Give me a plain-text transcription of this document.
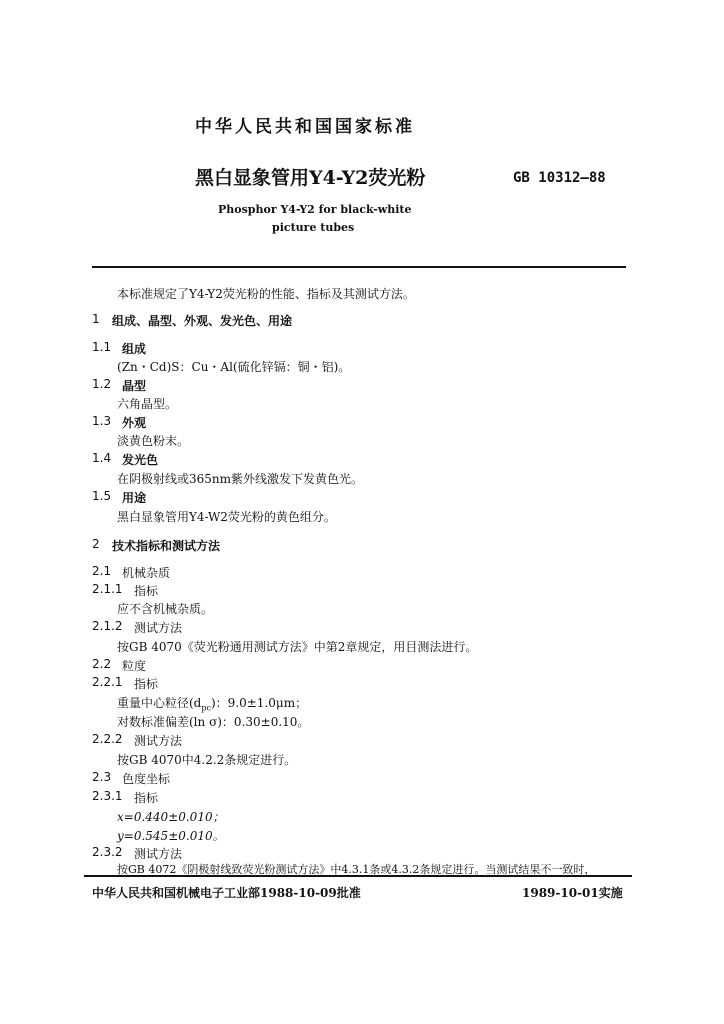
中华人民共和国国家标准
黑白显象管用Y4-Y2荧光粉	GB 10312—88
Phosphor Y4-Y2 for black-white
picture tubes
本标准规定了Y4-Y2荧光粉的性能、指标及其测试方法。
1 组成、晶型、外观、发光色、用途
1.1 组成
(Zn・Cd)S：Cu・Al(硫化锌镉：铜・铝)。
1.2 晶型
六角晶型。
1.3 外观
淡黄色粉末。
1.4 发光色
在阴极射线或365nm紫外线激发下发黄色光。
1.5 用途
黑白显象管用Y4-W2荧光粉的黄色组分。
2 技术指标和测试方法
2.1 机械杂质
2.1.1 指标
应不含机械杂质。
2.1.2 测试方法
按GB 4070《荧光粉通用测试方法》中第2章规定，用目测法进行。
2.2 粒度
2.2.1 指标
重量中心粒径$(d_{pc})$：9.0±1.0μm；
对数标准偏差(ln σ)：0.30±0.10。
2.2.2 测试方法
按GB 4070中4.2.2条规定进行。
2.3 色度坐标
2.3.1 指标
x=0.440±0.010；
y=0.545±0.010。
2.3.2 测试方法
按GB 4072《阴极射线致荧光粉测试方法》中4.3.1条或4.3.2条规定进行。当测试结果不一致时，
中华人民共和国机械电子工业部1988-10-09批准	1989-10-01实施
